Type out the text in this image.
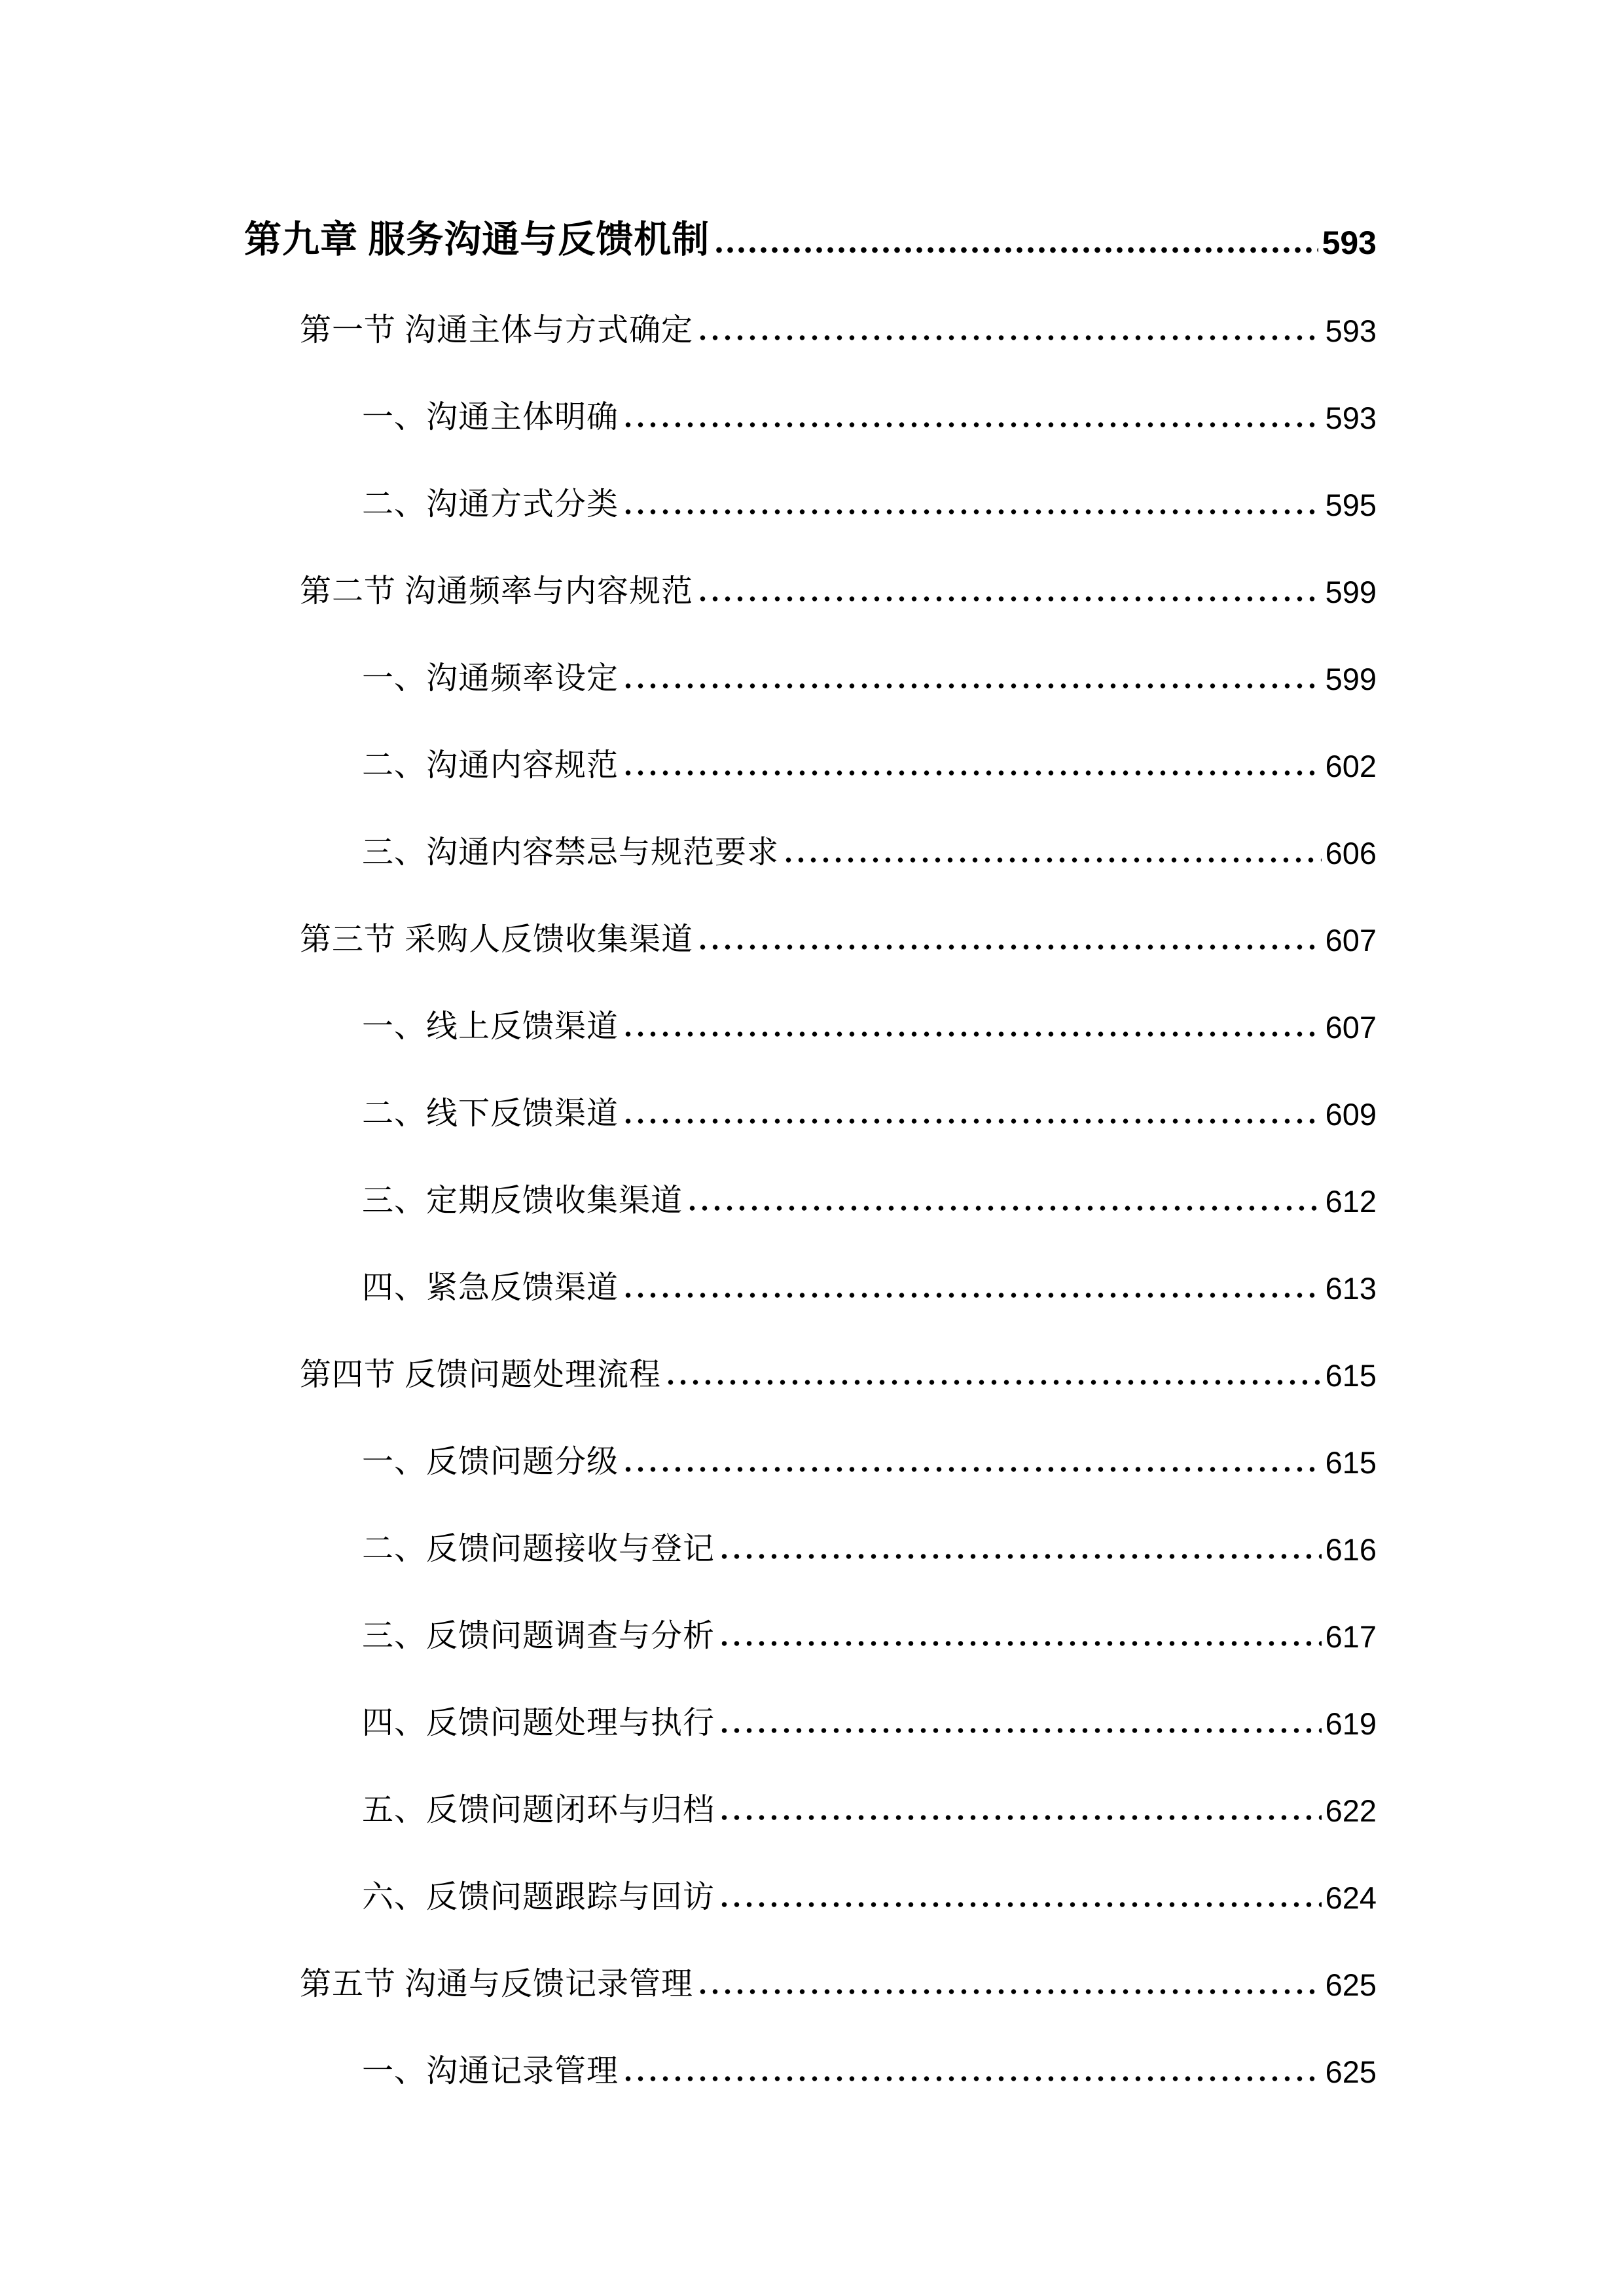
第九章 服务沟通与反馈机制	593
第一节 沟通主体与方式确定	593
一、沟通主体明确	593
二、沟通方式分类	595
第二节 沟通频率与内容规范	599
一、沟通频率设定	599
二、沟通内容规范	602
三、沟通内容禁忌与规范要求	606
第三节 采购人反馈收集渠道	607
一、线上反馈渠道	607
二、线下反馈渠道	609
三、定期反馈收集渠道	612
四、紧急反馈渠道	613
第四节 反馈问题处理流程	615
一、反馈问题分级	615
二、反馈问题接收与登记	616
三、反馈问题调查与分析	617
四、反馈问题处理与执行	619
五、反馈问题闭环与归档	622
六、反馈问题跟踪与回访	624
第五节 沟通与反馈记录管理	625
一、沟通记录管理	625
